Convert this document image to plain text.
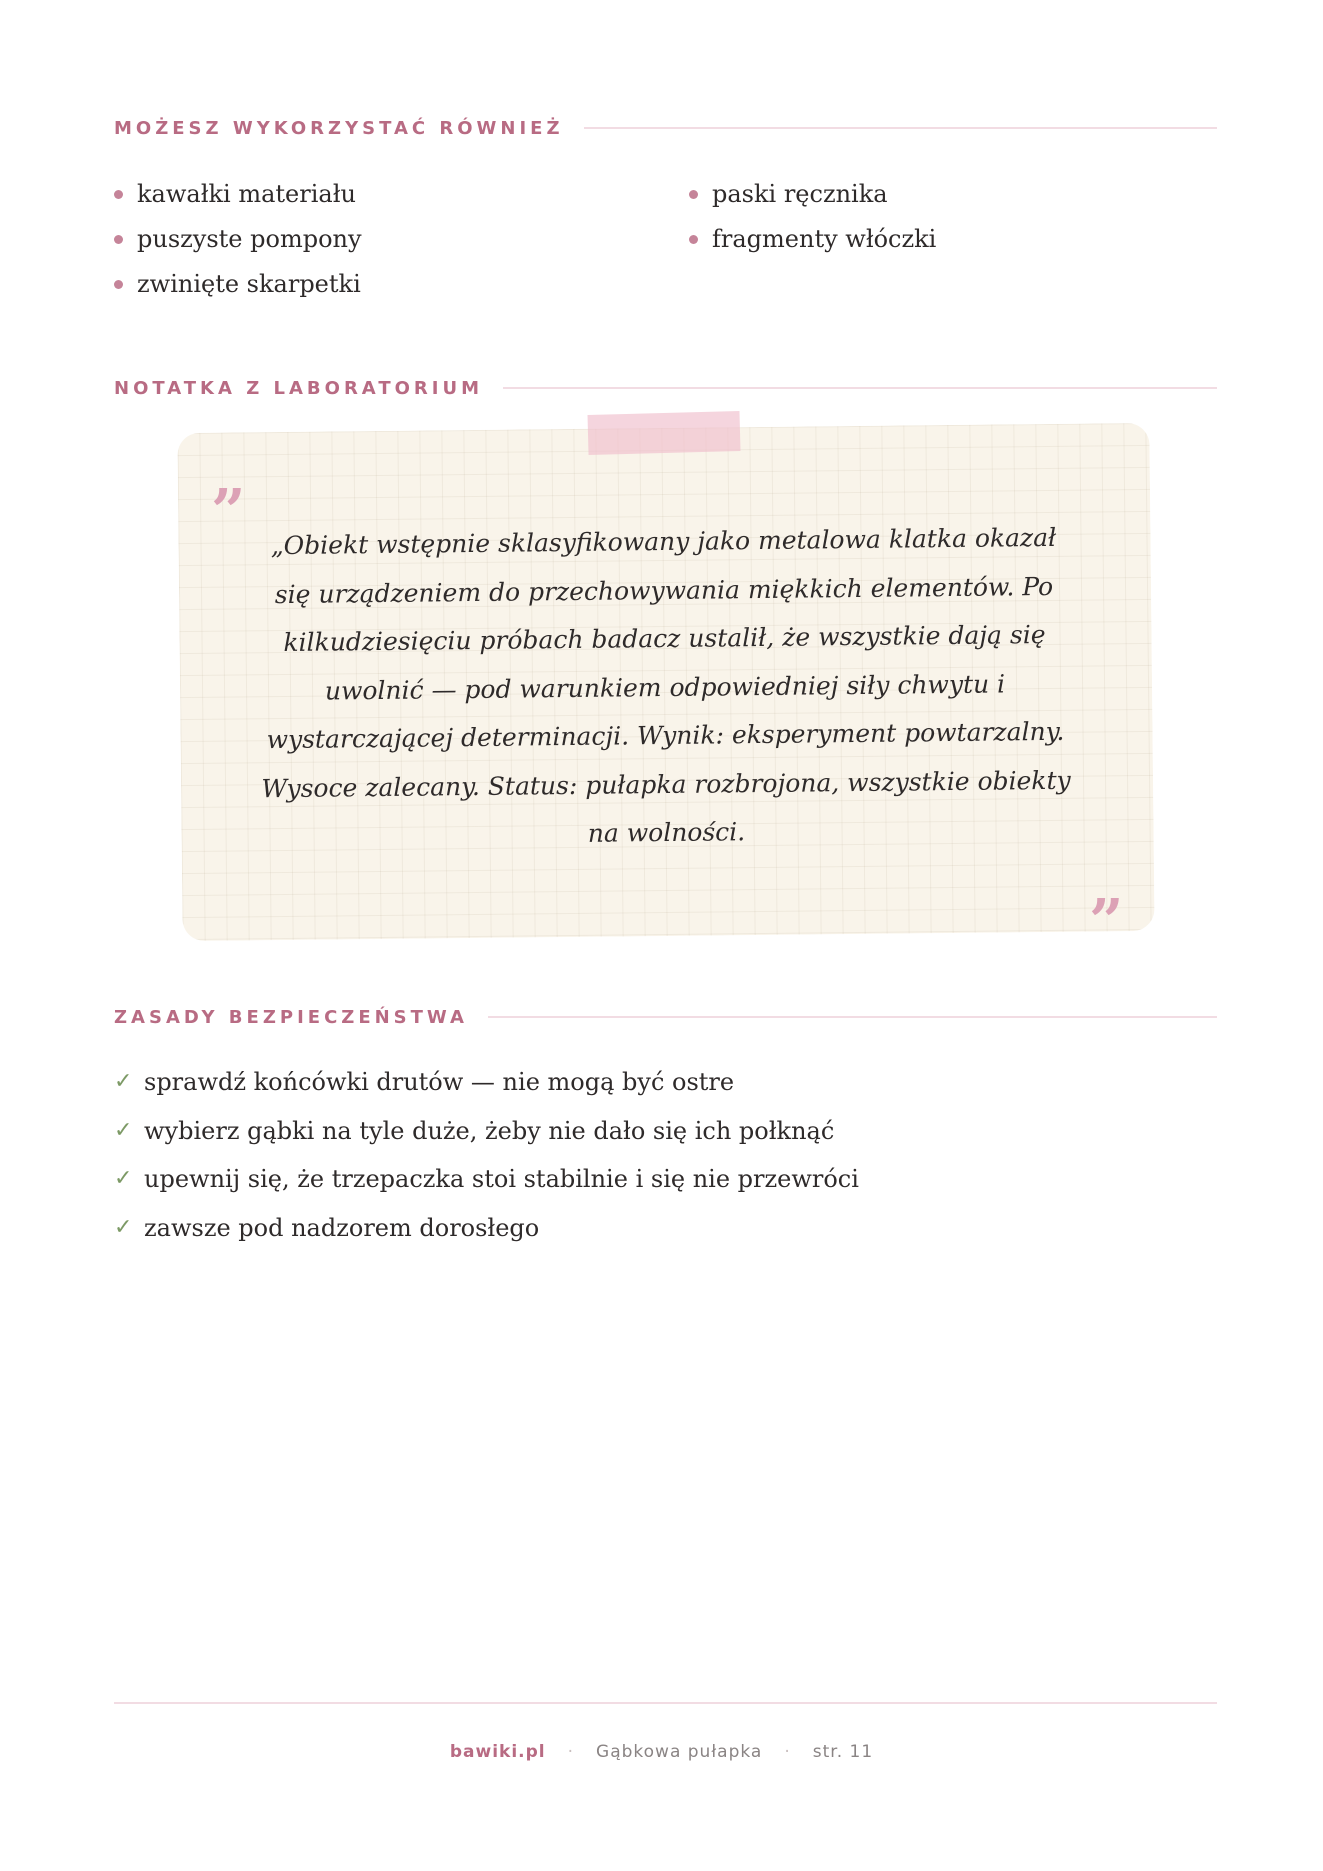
MOŻESZ WYKORZYSTAĆ RÓWNIEŻ
kawałki materiału
puszyste pompony
zwinięte skarpetki
paski ręcznika
fragmenty włóczki
NOTATKA Z LABORATORIUM
”	„Obiekt wstępnie sklasyfikowany jako metalowa klatka okazał się urządzeniem do przechowywania miękkich elementów. Po kilkudziesięciu próbach badacz ustalił, że wszystkie dają się uwolnić — pod warunkiem odpowiedniej siły chwytu i wystarczającej determinacji. Wynik: eksperyment powtarzalny. Wysoce zalecany. Status: pułapka rozbrojona, wszystkie obiekty na wolności.

”
ZASADY BEZPIECZEŃSTWA
✓ sprawdź końcówki drutów — nie mogą być ostre
✓ wybierz gąbki na tyle duże, żeby nie dało się ich połknąć
✓ upewnij się, że trzepaczka stoi stabilnie i się nie przewróci
✓ zawsze pod nadzorem dorosłego
bawiki.pl · Gąbkowa pułapka · str. 11
